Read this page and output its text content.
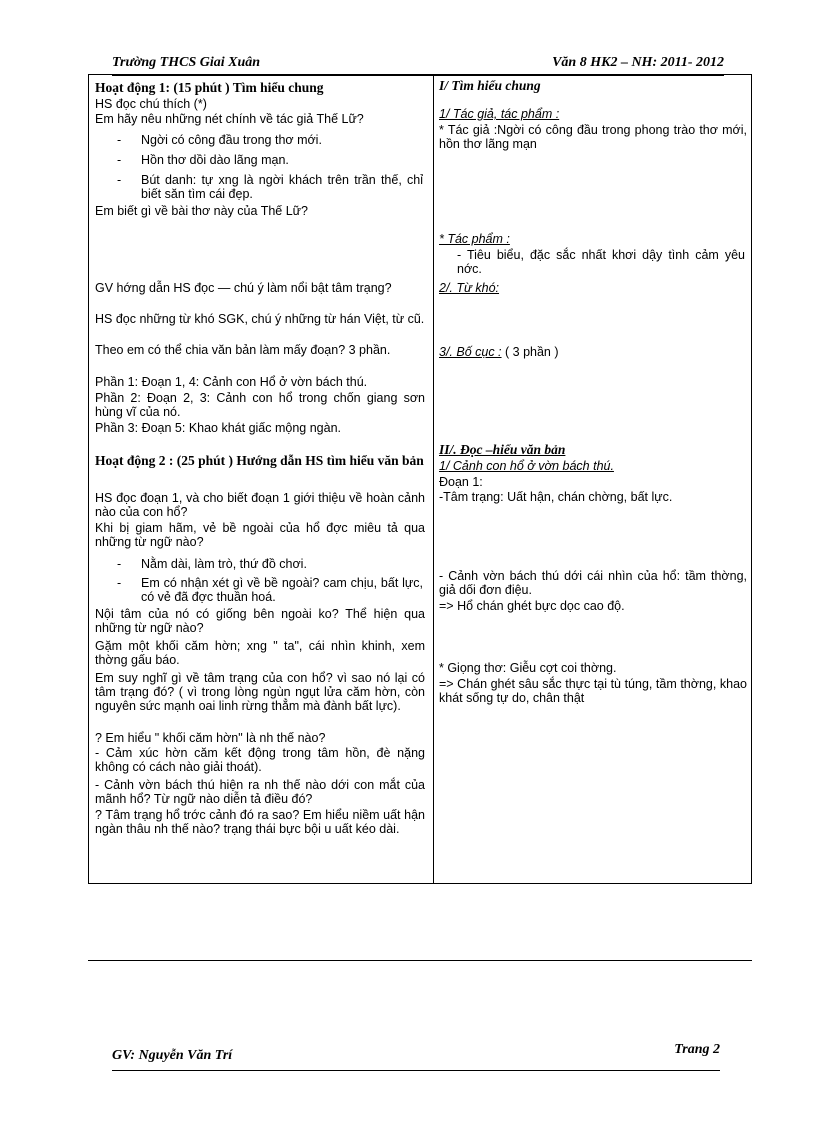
Trường THCS Giai Xuân	Văn 8 HK2 – NH: 2011- 2012
Hoạt động 1: (15 phút ) Tìm hiểu chung
HS đọc chú thích (*)
Em hãy nêu những nét chính về tác giả Thế Lữ?
- Ngời có công đầu trong thơ mới.
- Hồn thơ dồi dào lãng mạn.
- Bút danh: tự xng là ngời khách trên trần thế, chỉ biết săn tìm cái đẹp.
Em biết gì về bài thơ này của Thế Lữ?
GV hớng dẫn HS đọc — chú ý làm nổi bật tâm trạng?
HS đọc những từ khó SGK, chú ý những từ hán Việt, từ cũ.
Theo em có thể chia văn bản làm mấy đoạn? 3 phần.
Phần 1: Đoạn 1, 4: Cảnh con Hổ ở vờn bách thú.
Phần 2: Đoạn 2, 3: Cảnh con hổ trong chốn giang sơn hùng vĩ của nó.
Phần 3: Đoạn 5: Khao khát giấc mộng ngàn.
Hoạt động 2 : (25 phút ) Hướng dẫn HS tìm hiểu văn bản
HS đọc đoạn 1, và cho biết đoạn 1 giới thiệu về hoàn cảnh nào của con hổ?
Khi bị giam hãm, vẻ bề ngoài của hổ đợc miêu tả qua những từ ngữ nào?
- Nằm dài, làm trò, thứ đồ chơi.
- Em có nhận xét gì về bề ngoài? cam chịu, bất lực, có vẻ đã đợc thuần hoá.
Nội tâm của nó có giống bên ngoài ko? Thể hiện qua những từ ngữ nào?
Gặm một khối căm hờn; xng " ta", cái nhìn khinh, xem thờng gấu báo.
Em suy nghĩ gì về tâm trạng của con hổ? vì sao nó lại có tâm trạng đó? ( vì trong lòng ngùn ngụt lửa căm hờn, còn nguyên sức mạnh oai linh rừng thẳm mà đành bất lực).
? Em hiểu " khối căm hờn" là nh thế nào?
- Cảm xúc hờn căm kết động trong tâm hồn, đè nặng không có cách nào giải thoát).
- Cảnh vờn bách thú hiện ra nh thế nào dới con mắt của mãnh hổ? Từ ngữ nào diễn tả điều đó?
? Tâm trạng hổ trớc cảnh đó ra sao? Em hiểu niềm uất hận ngàn thâu nh thế nào? trạng thái bực bội u uất kéo dài.
I/ Tìm hiểu chung
1/ Tác giả, tác phẩm :
* Tác giả :Ngời có công đầu trong phong trào thơ mới, hồn thơ lãng mạn
* Tác phẩm :
- Tiêu biểu, đặc sắc nhất khơi dậy tình cảm yêu nớc.
2/. Từ khó:
3/. Bố cục : ( 3 phần )
II/. Đọc –hiểu văn bản
1/ Cảnh con hổ ở vờn bách thú.
Đoạn 1:
-Tâm trạng: Uất hận, chán chờng, bất lực.
- Cảnh vờn bách thú dới cái nhìn của hổ: tầm thờng, giả dối đơn điệu.
=> Hổ chán ghét bực dọc cao độ.
* Giọng thơ: Giễu cợt coi thờng.
=> Chán ghét sâu sắc thực tại tù túng, tầm thờng, khao khát sống tự do, chân thật
GV: Nguyễn Văn Trí	Trang 2
